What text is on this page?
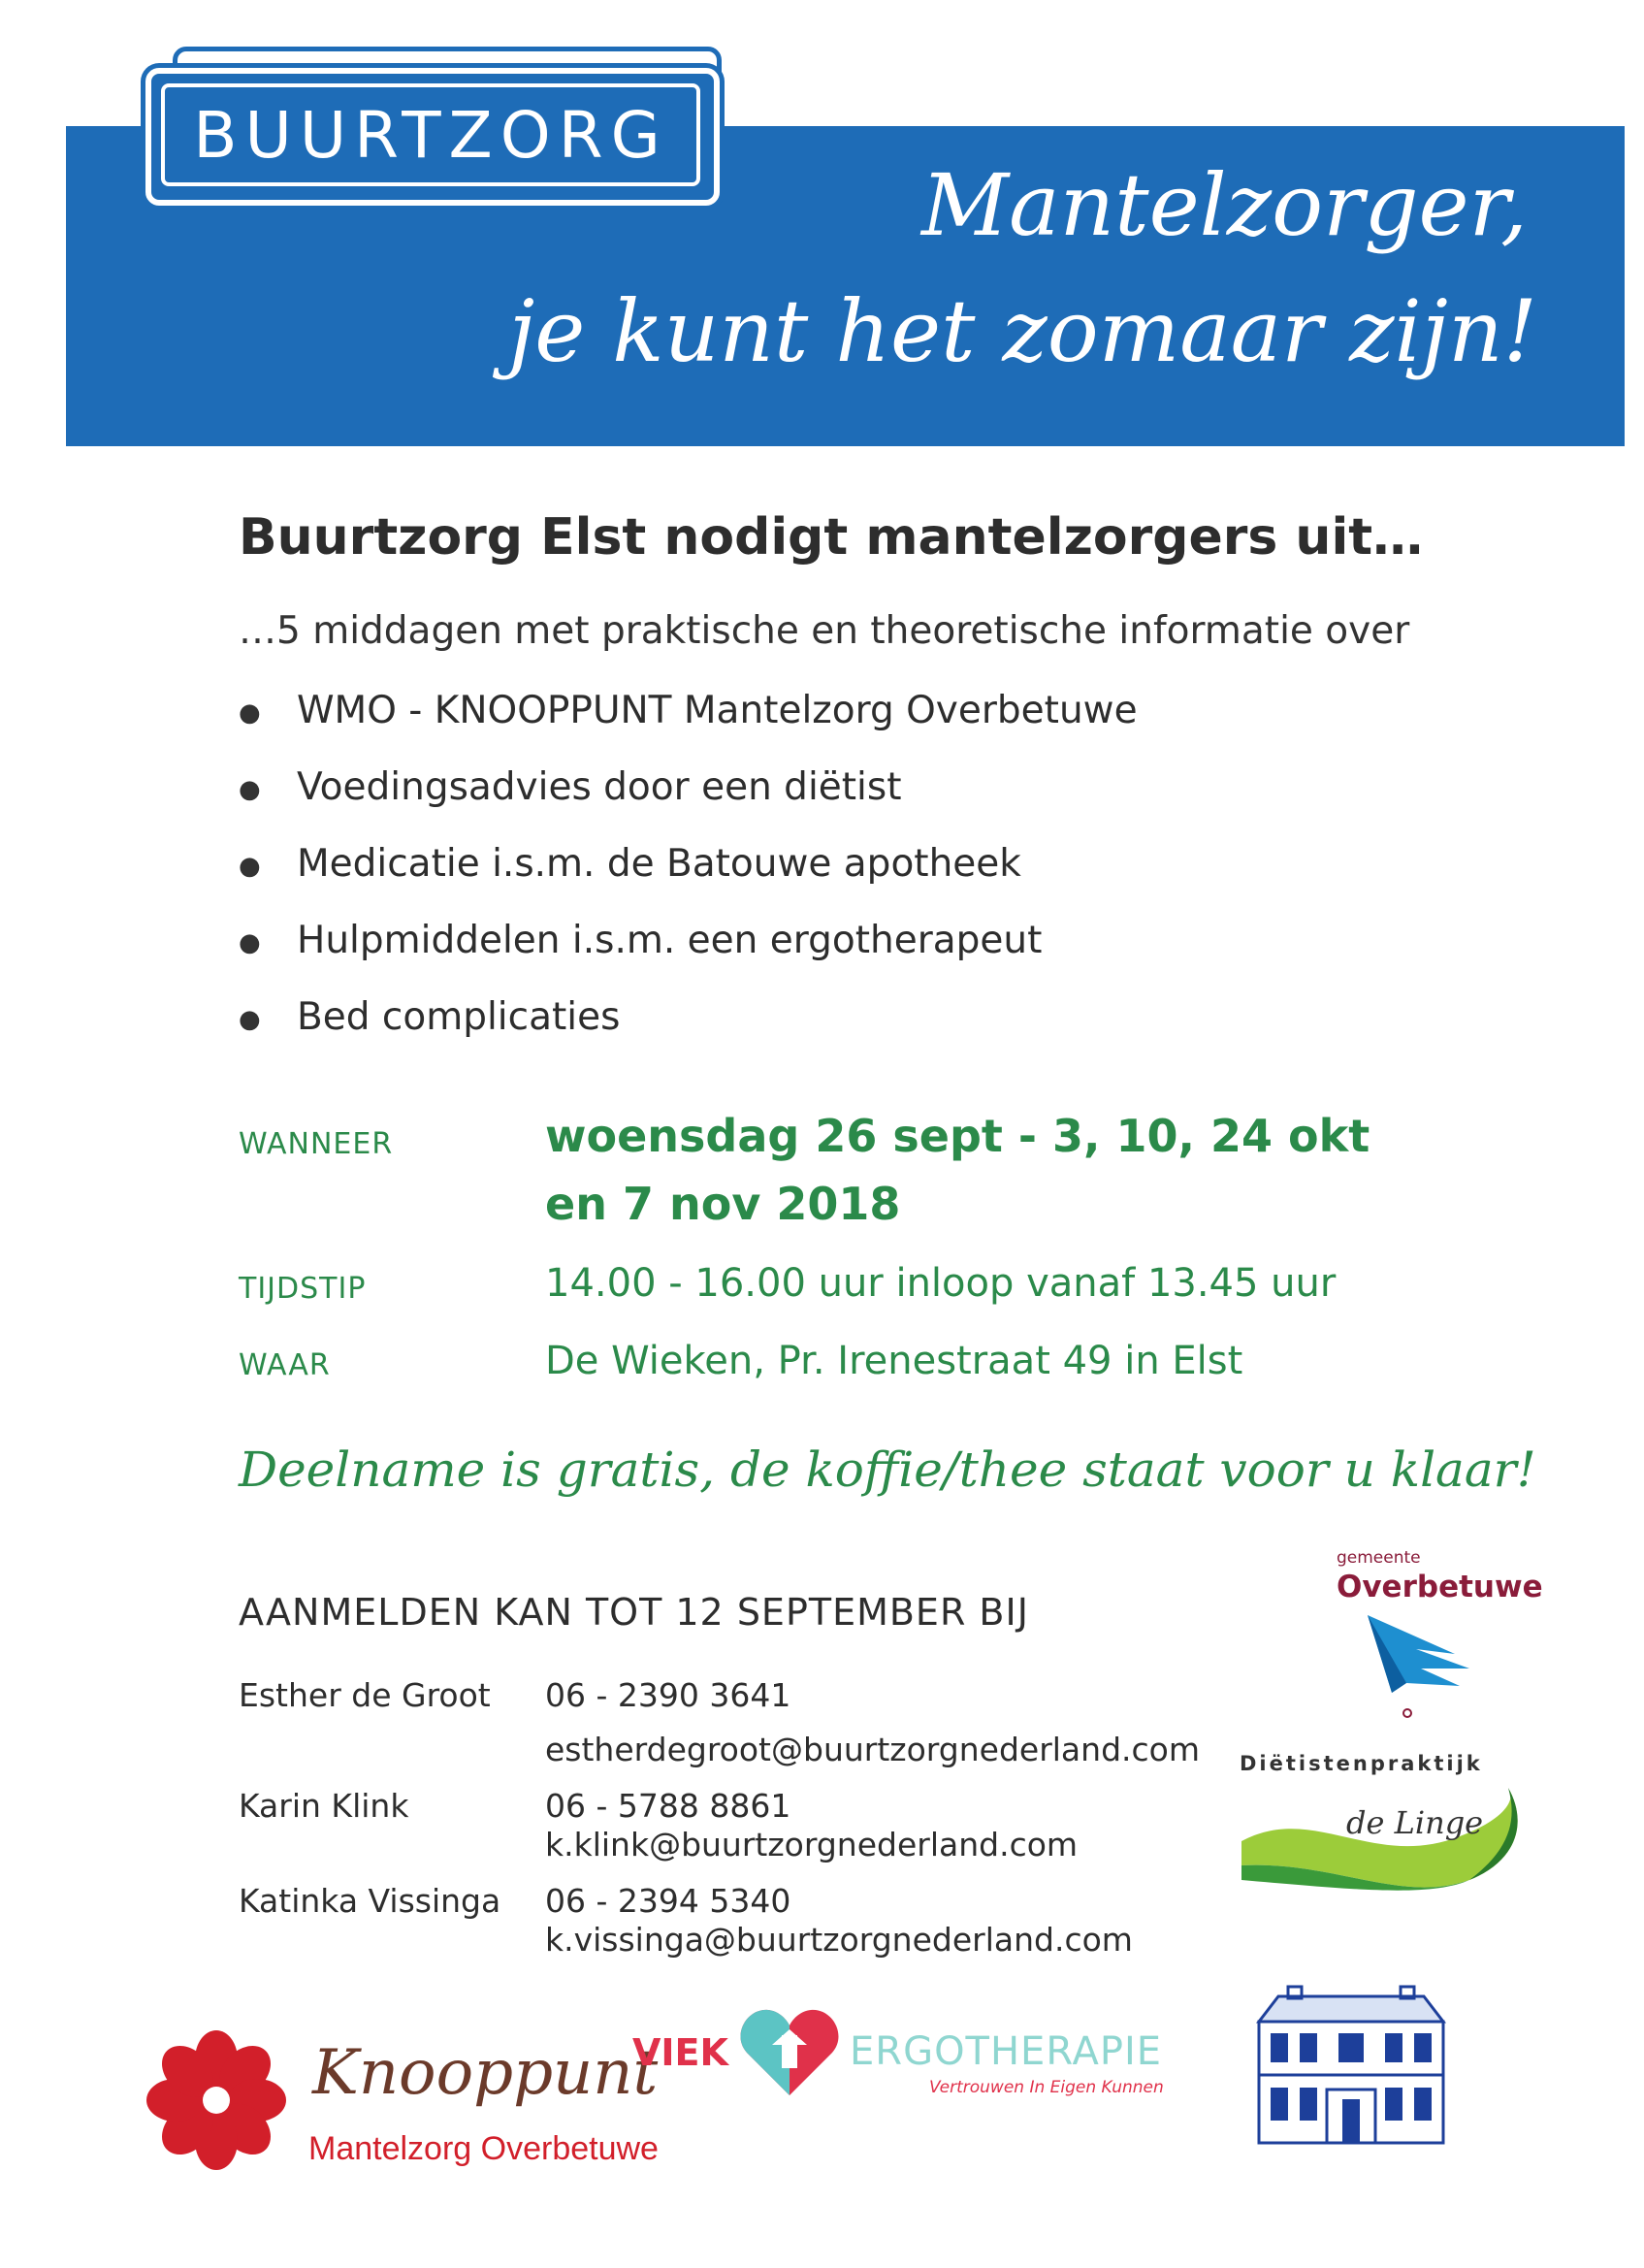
BUURTZORG
Mantelzorger,
je kunt het zomaar zijn!
Buurtzorg Elst nodigt mantelzorgers uit…
…5 middagen met praktische en theoretische informatie over
● WMO - KNOOPPUNT Mantelzorg Overbetuwe
● Voedingsadvies door een diëtist
● Medicatie i.s.m. de Batouwe apotheek
● Hulpmiddelen i.s.m. een ergotherapeut
● Bed complicaties
WANNEER	woensdag 26 sept - 3, 10, 24 okt
en 7 nov 2018
TIJDSTIP	14.00 - 16.00 uur inloop vanaf 13.45 uur
WAAR	De Wieken, Pr. Irenestraat 49 in Elst
Deelname is gratis, de koffie/thee staat voor u klaar!
AANMELDEN KAN TOT 12 SEPTEMBER BIJ
Esther de Groot 06 - 2390 3641
estherdegroot@buurtzorgnederland.com
Karin Klink	06 - 5788 8861
k.klink@buurtzorgnederland.com
Katinka Vissinga 06 - 2394 5340
k.vissinga@buurtzorgnederland.com
gemeente
Overbetuwe
Diëtistenpraktijk
de Linge
Knooppunt
Mantelzorg Overbetuwe
VIEK	ERGOTHERAPIE
Vertrouwen In Eigen Kunnen
